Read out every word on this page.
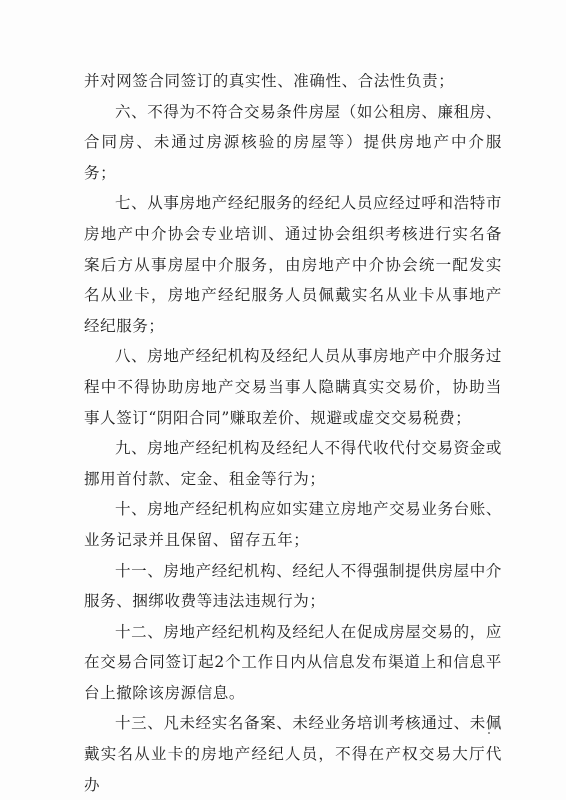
并对网签合同签订的真实性、准确性、合法性负责；

六、不得为不符合交易条件房屋（如公租房、廉租房、合同房、未通过房源核验的房屋等）提供房地产中介服务；

七、从事房地产经纪服务的经纪人员应经过呼和浩特市房地产中介协会专业培训、通过协会组织考核进行实名备案后方从事房屋中介服务，由房地产中介协会统一配发实名从业卡，房地产经纪服务人员佩戴实名从业卡从事地产经纪服务；

八、房地产经纪机构及经纪人员从事房地产中介服务过程中不得协助房地产交易当事人隐瞒真实交易价，协助当事人签订“阴阳合同”赚取差价、规避或虚交交易税费；

九、房地产经纪机构及经纪人不得代收代付交易资金或挪用首付款、定金、租金等行为；

十、房地产经纪机构应如实建立房地产交易业务台账、业务记录并且保留、留存五年；

十一、房地产经纪机构、经纪人不得强制提供房屋中介服务、捆绑收费等违法违规行为；

十二、房地产经纪机构及经纪人在促成房屋交易的，应在交易合同签订起2个工作日内从信息发布渠道上和信息平台上撤除该房源信息。

十三、凡未经实名备案、未经业务培训考核通过、未佩戴实名从业卡的房地产经纪人员，不得在产权交易大厅代办
